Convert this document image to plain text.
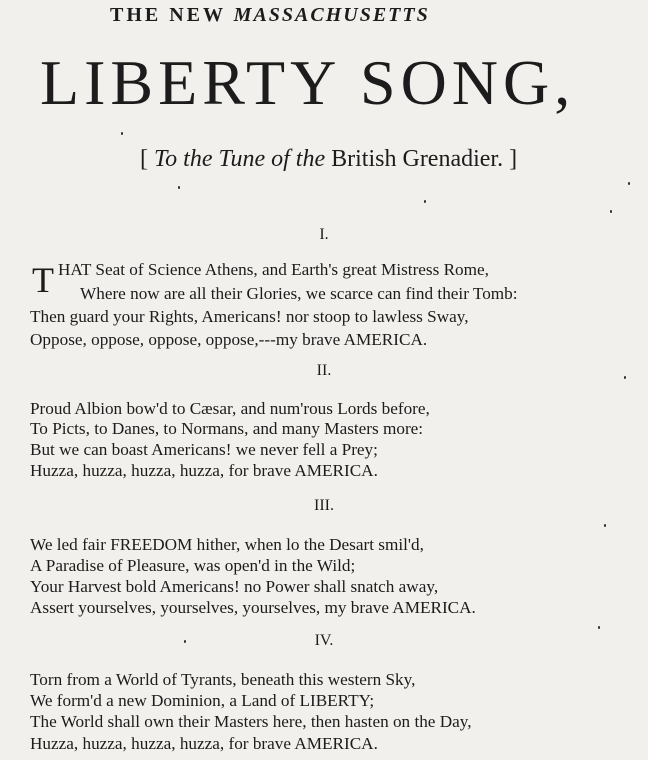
THE NEW MASSACHUSETTS
LIBERTY SONG,
[ To the Tune of the British Grenadier. ]
I.
T HAT Seat of Science Athens, and Earth's great Mistress Rome,
Where now are all their Glories, we scarce can find their Tomb:
Then guard your Rights, Americans! nor stoop to lawless Sway,
Oppose, oppose, oppose, oppose,---my brave AMERICA.
II.
Proud Albion bow'd to Cæsar, and num'rous Lords before,
To Picts, to Danes, to Normans, and many Masters more:
But we can boast Americans! we never fell a Prey;
Huzza, huzza, huzza, huzza, for brave AMERICA.
III.
We led fair FREEDOM hither, when lo the Desart smil'd,
A Paradise of Pleasure, was open'd in the Wild;
Your Harvest bold Americans! no Power shall snatch away,
Assert yourselves, yourselves, yourselves, my brave AMERICA.
IV.
Torn from a World of Tyrants, beneath this western Sky,
We form'd a new Dominion, a Land of LIBERTY;
The World shall own their Masters here, then hasten on the Day,
Huzza, huzza, huzza, huzza, for brave AMERICA.
